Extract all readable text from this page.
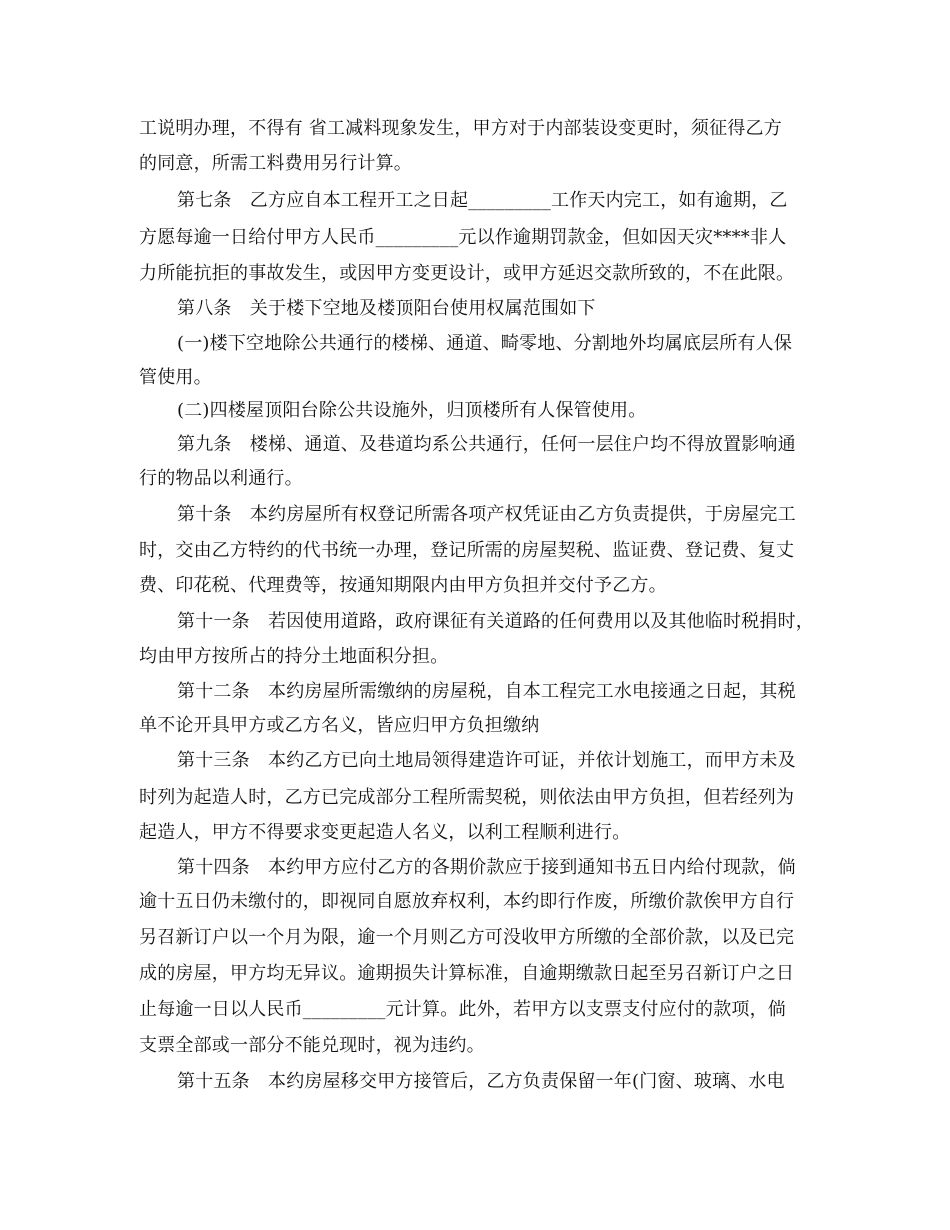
工说明办理，不得有 省工减料现象发生，甲方对于内部装设变更时，须征得乙方
的同意，所需工料费用另行计算。
第七条　乙方应自本工程开工之日起_________工作天内完工，如有逾期，乙
方愿每逾一日给付甲方人民币_________元以作逾期罚款金，但如因天灾****非人
力所能抗拒的事故发生，或因甲方变更设计，或甲方延迟交款所致的，不在此限。
第八条　关于楼下空地及楼顶阳台使用权属范围如下
(一)楼下空地除公共通行的楼梯、通道、畸零地、分割地外均属底层所有人保
管使用。
(二)四楼屋顶阳台除公共设施外，归顶楼所有人保管使用。
第九条　楼梯、通道、及巷道均系公共通行，任何一层住户均不得放置影响通
行的物品以利通行。
第十条　本约房屋所有权登记所需各项产权凭证由乙方负责提供，于房屋完工
时，交由乙方特约的代书统一办理，登记所需的房屋契税、监证费、登记费、复丈
费、印花税、代理费等，按通知期限内由甲方负担并交付予乙方。
第十一条　若因使用道路，政府课征有关道路的任何费用以及其他临时税捐时，
均由甲方按所占的持分土地面积分担。
第十二条　本约房屋所需缴纳的房屋税，自本工程完工水电接通之日起，其税
单不论开具甲方或乙方名义，皆应归甲方负担缴纳
第十三条　本约乙方已向土地局领得建造许可证，并依计划施工，而甲方未及
时列为起造人时，乙方已完成部分工程所需契税，则依法由甲方负担，但若经列为
起造人，甲方不得要求变更起造人名义，以利工程顺利进行。
第十四条　本约甲方应付乙方的各期价款应于接到通知书五日内给付现款，倘
逾十五日仍未缴付的，即视同自愿放弃权利，本约即行作废，所缴价款俟甲方自行
另召新订户以一个月为限，逾一个月则乙方可没收甲方所缴的全部价款，以及已完
成的房屋，甲方均无异议。逾期损失计算标准，自逾期缴款日起至另召新订户之日
止每逾一日以人民币_________元计算。此外，若甲方以支票支付应付的款项，倘
支票全部或一部分不能兑现时，视为违约。
第十五条　本约房屋移交甲方接管后，乙方负责保留一年(门窗、玻璃、水电
